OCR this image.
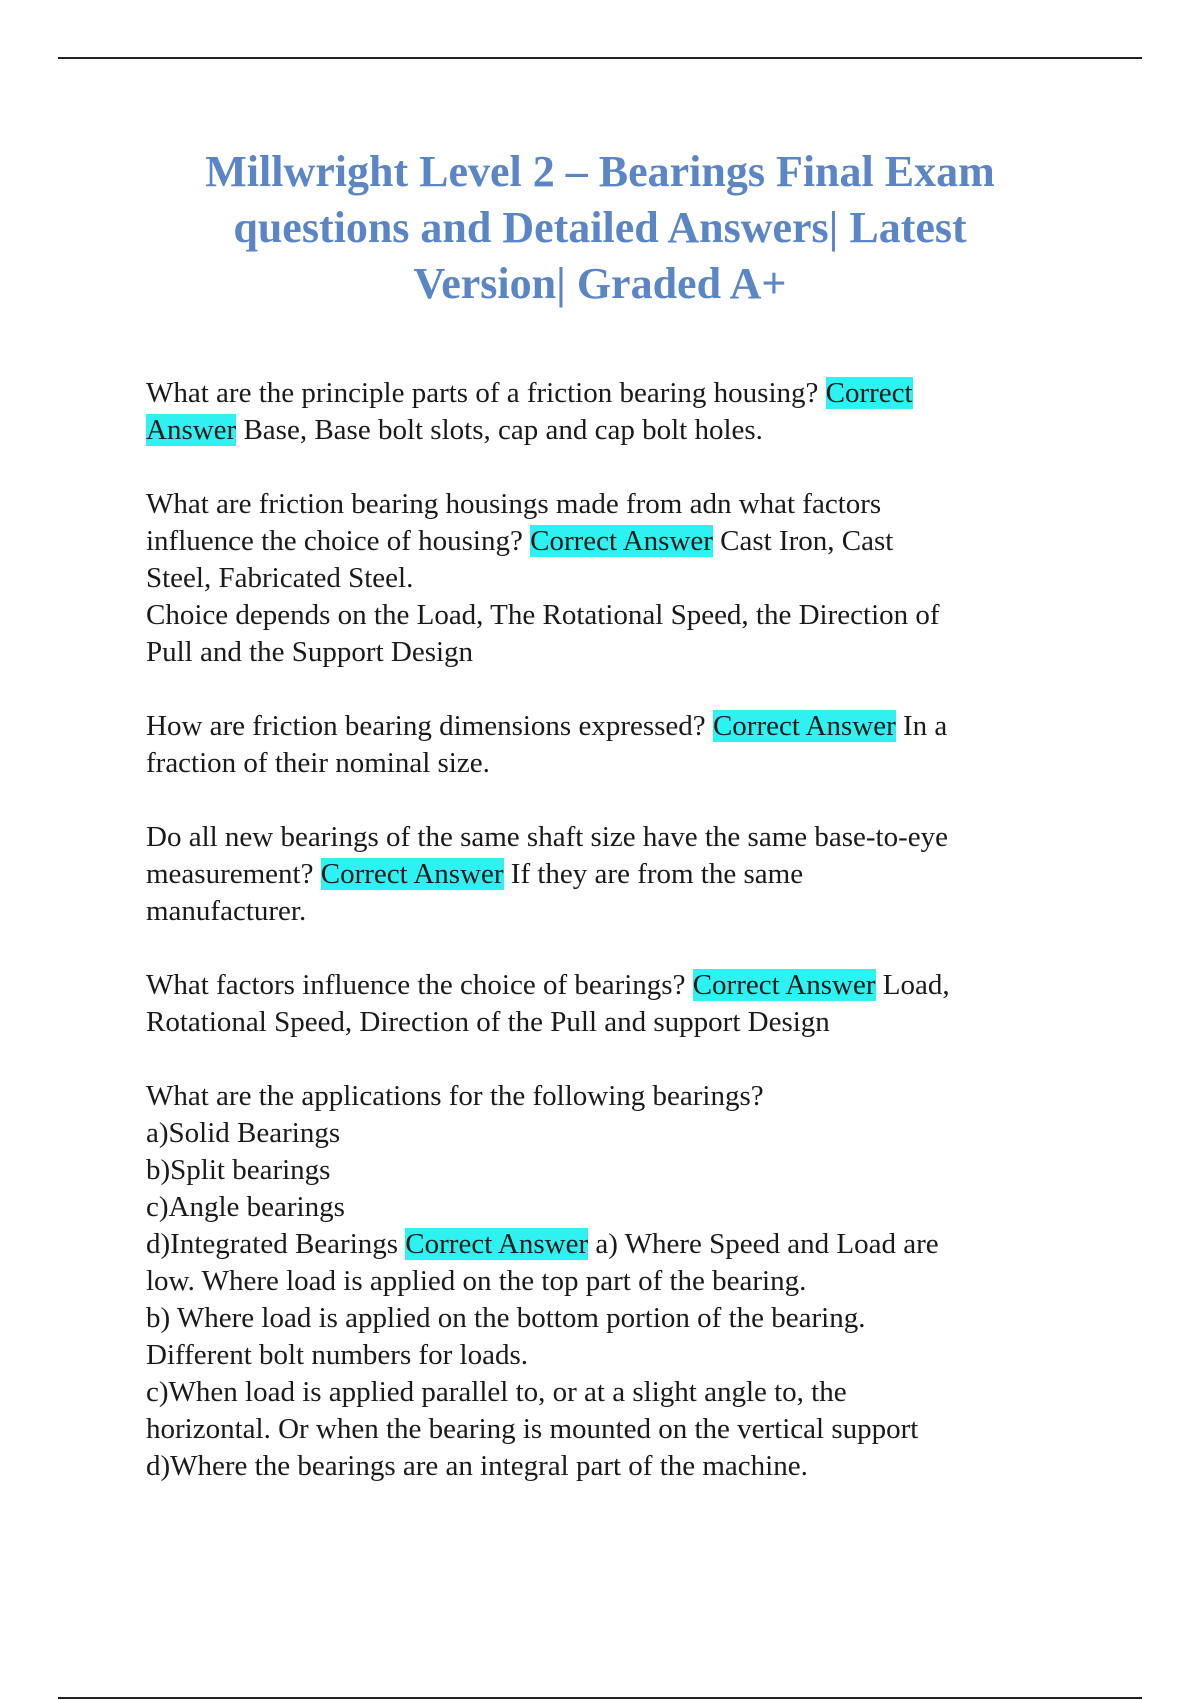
Millwright Level 2 – Bearings Final Exam
questions and Detailed Answers| Latest
Version| Graded A+
What are the principle parts of a friction bearing housing? Correct
Answer Base, Base bolt slots, cap and cap bolt holes.
What are friction bearing housings made from adn what factors
influence the choice of housing? Correct Answer Cast Iron, Cast
Steel, Fabricated Steel.
Choice depends on the Load, The Rotational Speed, the Direction of
Pull and the Support Design
How are friction bearing dimensions expressed? Correct Answer In a
fraction of their nominal size.
Do all new bearings of the same shaft size have the same base-to-eye
measurement? Correct Answer If they are from the same
manufacturer.
What factors influence the choice of bearings? Correct Answer Load,
Rotational Speed, Direction of the Pull and support Design
What are the applications for the following bearings?
a)Solid Bearings
b)Split bearings
c)Angle bearings
d)Integrated Bearings Correct Answer a) Where Speed and Load are
low. Where load is applied on the top part of the bearing.
b) Where load is applied on the bottom portion of the bearing.
Different bolt numbers for loads.
c)When load is applied parallel to, or at a slight angle to, the
horizontal. Or when the bearing is mounted on the vertical support
d)Where the bearings are an integral part of the machine.
